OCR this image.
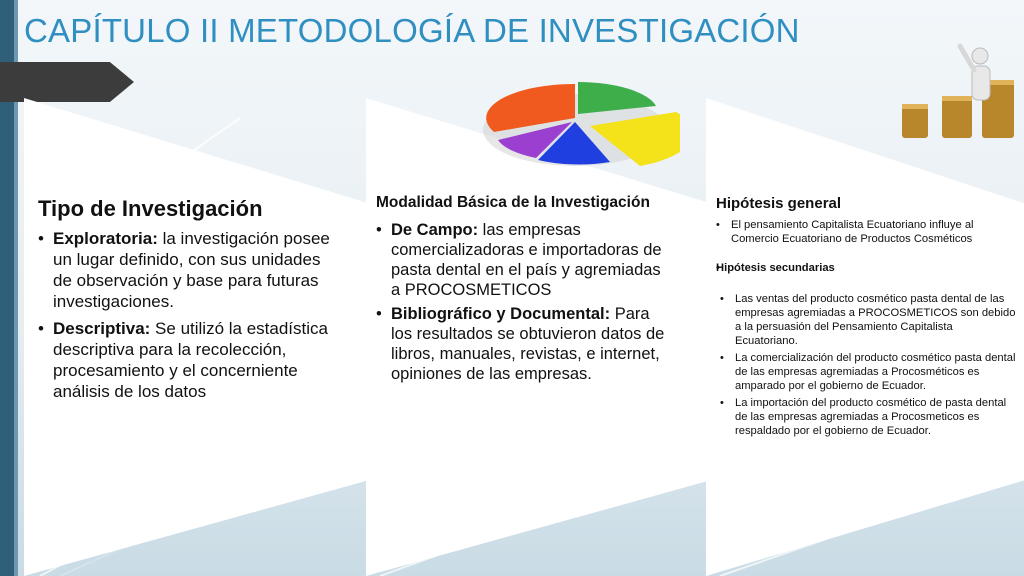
CAPÍTULO II METODOLOGÍA DE INVESTIGACIÓN
Tipo de Investigación
• Exploratoria: la investigación posee un lugar definido, con sus unidades de observación y base para futuras investigaciones.
• Descriptiva: Se utilizó la estadística descriptiva para la recolección, procesamiento y el concerniente análisis de los datos
Modalidad Básica de la Investigación
• De Campo: las empresas comercializadoras e importadoras de pasta dental en el país y agremiadas a PROCOSMETICOS
• Bibliográfico y Documental: Para los resultados se obtuvieron datos de libros, manuales, revistas, e internet, opiniones de las empresas.
Hipótesis general
• El pensamiento Capitalista Ecuatoriano influye al Comercio Ecuatoriano de Productos Cosméticos
• Hipótesis secundarias
• Las ventas del producto cosmético pasta dental de las empresas agremiadas a PROCOSMETICOS son debido a la persuasión del Pensamiento Capitalista Ecuatoriano.
• La comercialización del producto cosmético pasta dental de las empresas agremiadas a Procosméticos es amparado por el gobierno de Ecuador.
• La importación del producto cosmético de pasta dental de las empresas agremiadas a Procosmeticos es respaldado por el gobierno de Ecuador.
